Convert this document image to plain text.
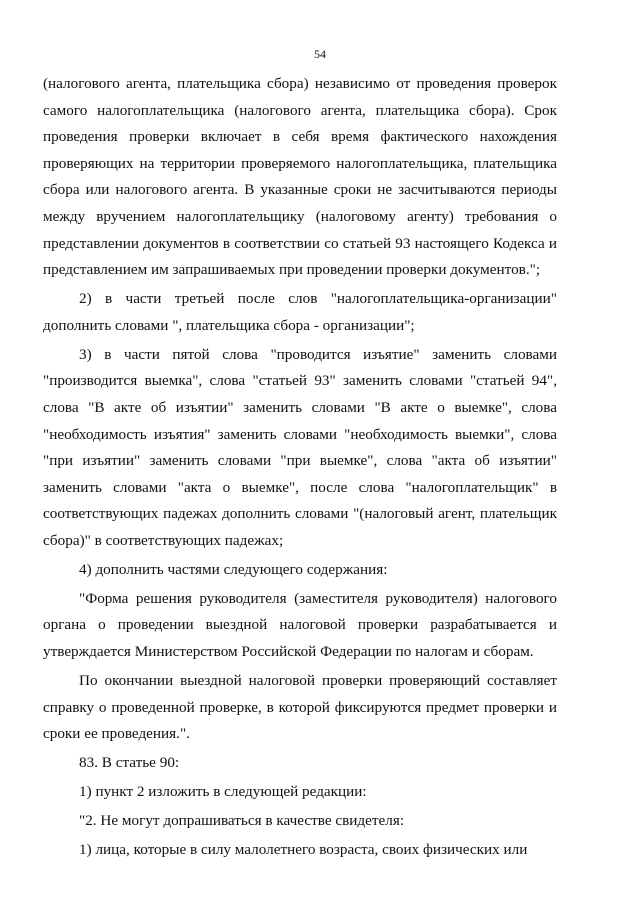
54
(налогового агента, плательщика сбора) независимо от проведения проверок
самого налогоплательщика (налогового агента, плательщика сбора). Срок
проведения проверки включает в себя время фактического нахождения
проверяющих на территории проверяемого налогоплательщика, плательщика
сбора или налогового агента. В указанные сроки не засчитываются периоды
между вручением налогоплательщику (налоговому агенту) требования о
представлении документов в соответствии со статьей 93 настоящего Кодекса и
представлением им запрашиваемых при проведении проверки документов.";
2) в части третьей после слов "налогоплательщика-организации"
дополнить словами ", плательщика сбора - организации";
3) в части пятой слова "проводится изъятие" заменить словами
"производится выемка", слова "статьей 93" заменить словами "статьей 94",
слова "В акте об изъятии" заменить словами "В акте о выемке", слова
"необходимость изъятия" заменить словами "необходимость выемки", слова
"при изъятии" заменить словами "при выемке", слова "акта об изъятии"
заменить словами "акта о выемке", после слова "налогоплательщик" в
соответствующих падежах дополнить словами "(налоговый агент, плательщик
сбора)" в соответствующих падежах;
4) дополнить частями следующего содержания:
"Форма решения руководителя (заместителя руководителя) налогового
органа о проведении выездной налоговой проверки разрабатывается и
утверждается Министерством Российской Федерации по налогам и сборам.
По окончании выездной налоговой проверки проверяющий составляет
справку о проведенной проверке, в которой фиксируются предмет проверки и
сроки ее проведения.".
83. В статье 90:
1) пункт 2 изложить в следующей редакции:
"2. Не могут допрашиваться в качестве свидетеля:
1) лица, которые в силу малолетнего возраста, своих физических или
